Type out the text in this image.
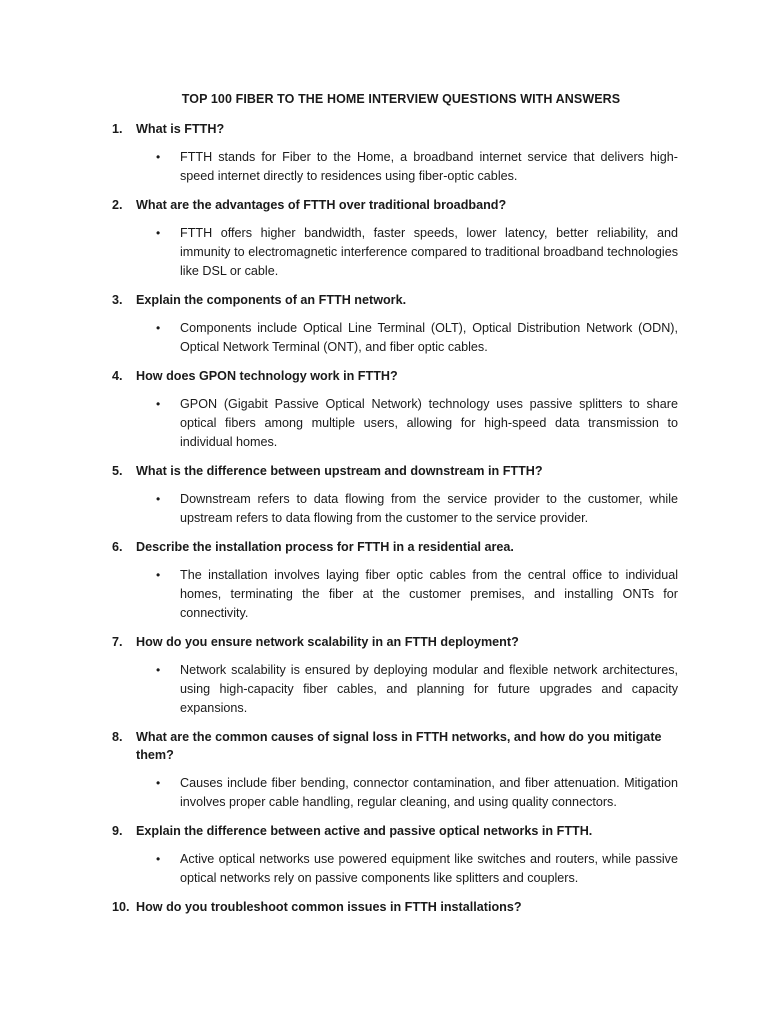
TOP 100 FIBER TO THE HOME INTERVIEW QUESTIONS WITH ANSWERS
1.	What is FTTH?
•	FTTH stands for Fiber to the Home, a broadband internet service that delivers high-speed internet directly to residences using fiber-optic cables.
2.	What are the advantages of FTTH over traditional broadband?
•	FTTH offers higher bandwidth, faster speeds, lower latency, better reliability, and immunity to electromagnetic interference compared to traditional broadband technologies like DSL or cable.
3.	Explain the components of an FTTH network.
•	Components include Optical Line Terminal (OLT), Optical Distribution Network (ODN), Optical Network Terminal (ONT), and fiber optic cables.
4.	How does GPON technology work in FTTH?
•	GPON (Gigabit Passive Optical Network) technology uses passive splitters to share optical fibers among multiple users, allowing for high-speed data transmission to individual homes.
5.	What is the difference between upstream and downstream in FTTH?
•	Downstream refers to data flowing from the service provider to the customer, while upstream refers to data flowing from the customer to the service provider.
6.	Describe the installation process for FTTH in a residential area.
•	The installation involves laying fiber optic cables from the central office to individual homes, terminating the fiber at the customer premises, and installing ONTs for connectivity.
7.	How do you ensure network scalability in an FTTH deployment?
•	Network scalability is ensured by deploying modular and flexible network architectures, using high-capacity fiber cables, and planning for future upgrades and capacity expansions.
8.	What are the common causes of signal loss in FTTH networks, and how do you mitigate them?
•	Causes include fiber bending, connector contamination, and fiber attenuation. Mitigation involves proper cable handling, regular cleaning, and using quality connectors.
9.	Explain the difference between active and passive optical networks in FTTH.
•	Active optical networks use powered equipment like switches and routers, while passive optical networks rely on passive components like splitters and couplers.
10. How do you troubleshoot common issues in FTTH installations?
